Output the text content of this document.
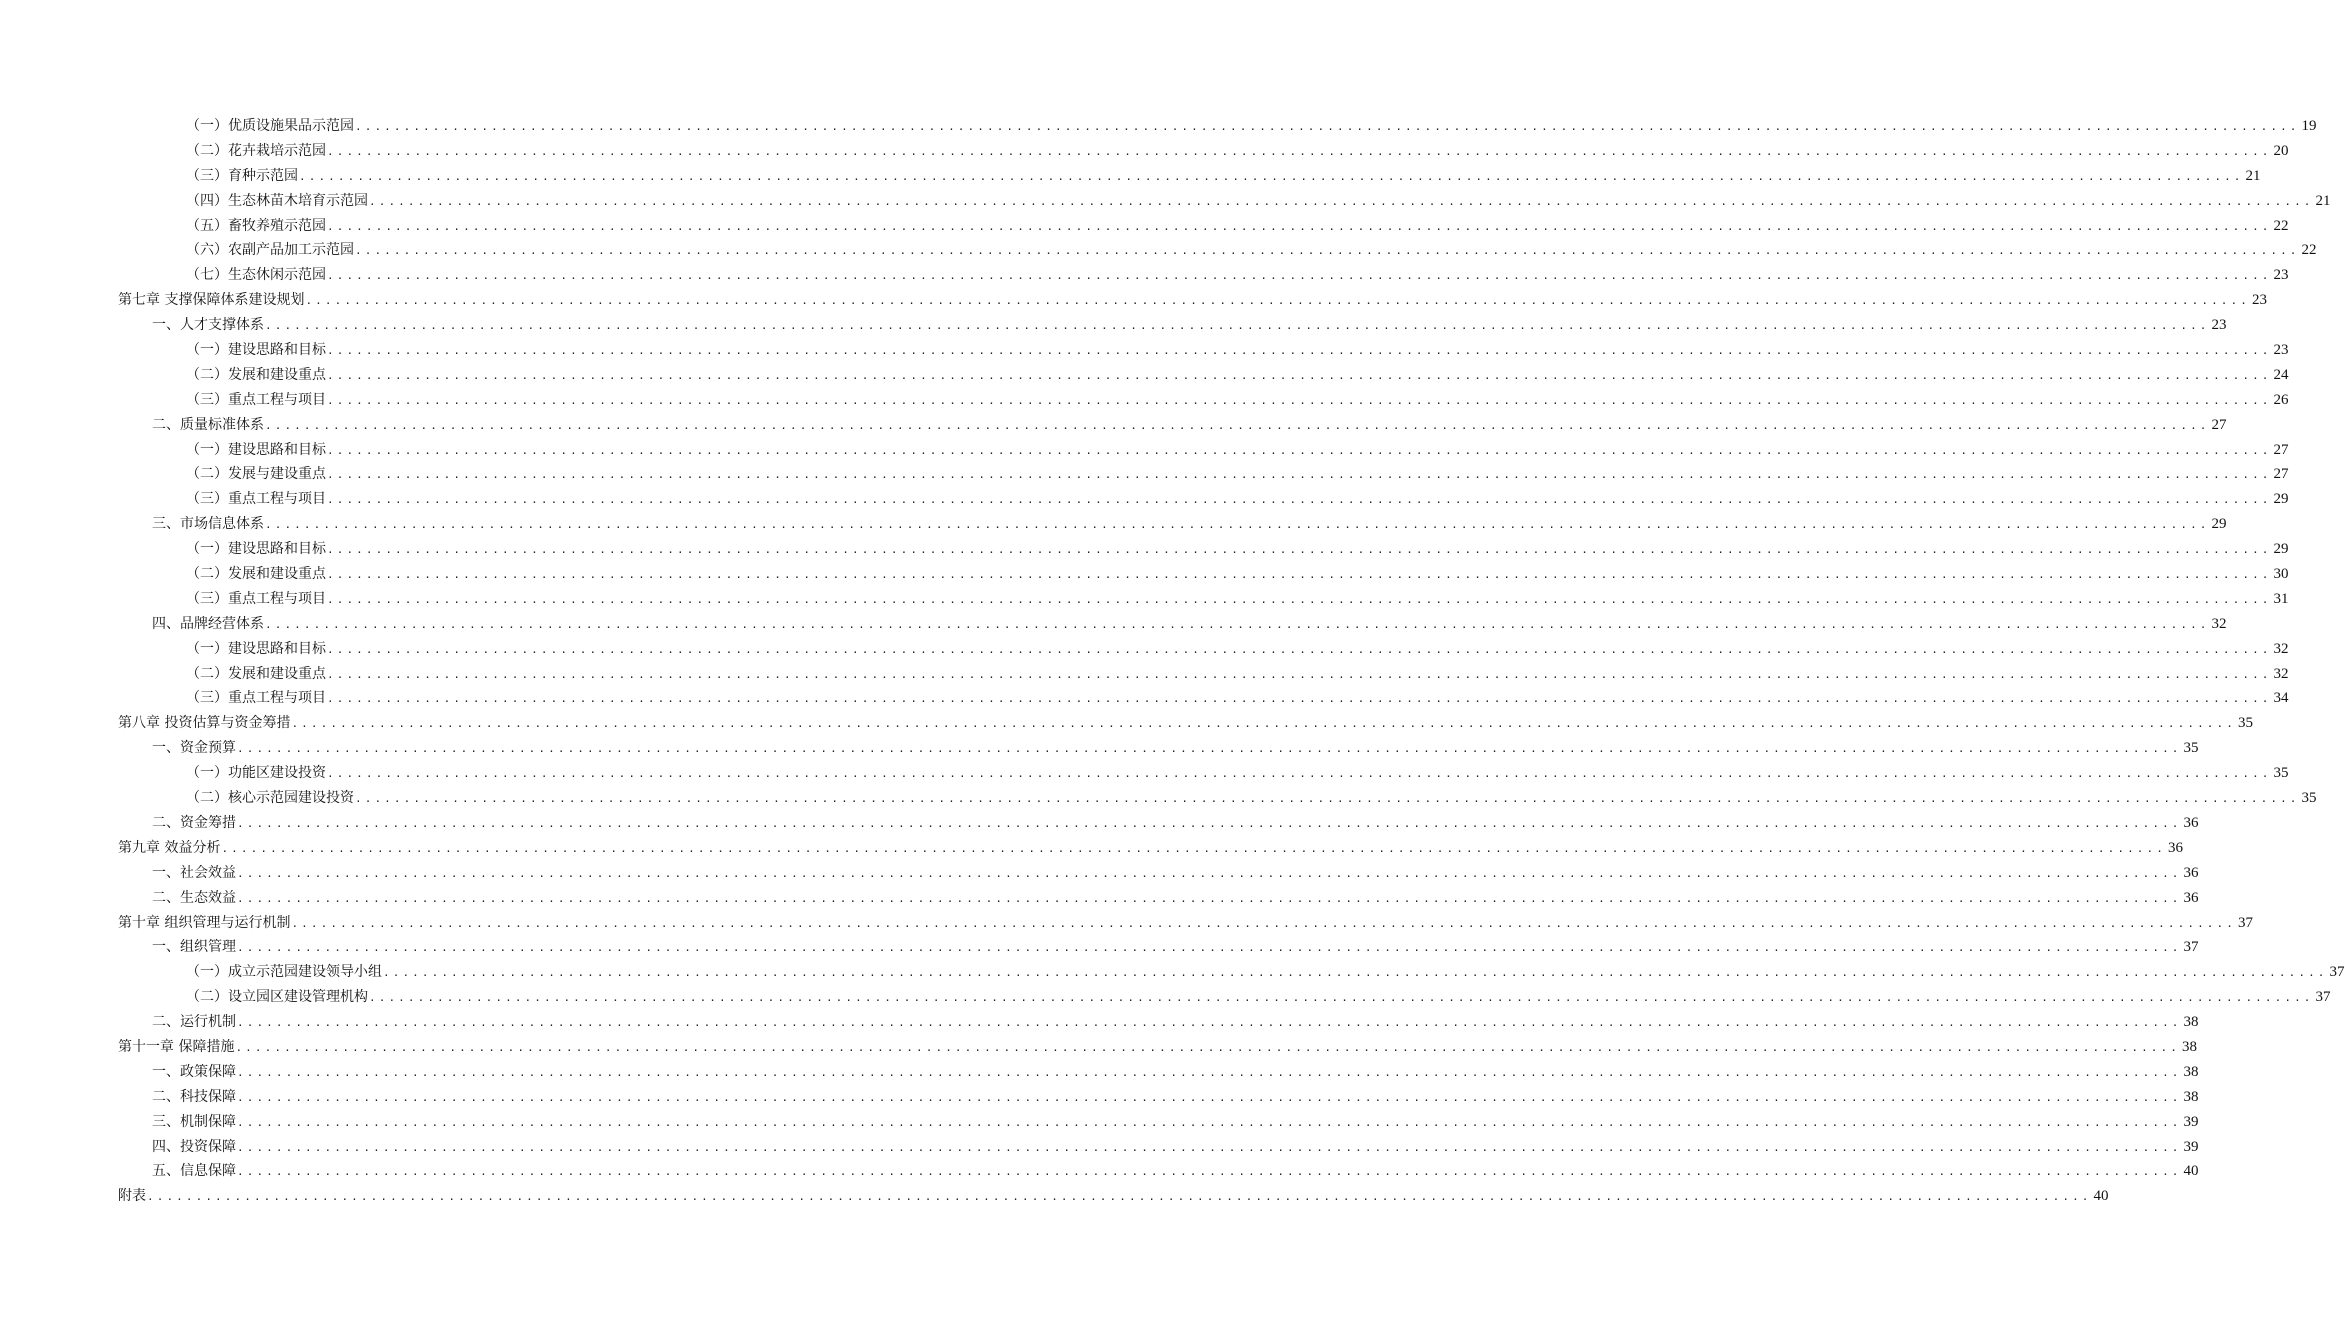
（一）优质设施果品示范园 ........................................................................................................................................................................................................ 19
（二）花卉栽培示范园 ........................................................................................................................................................................................................ 20
（三）育种示范园 ........................................................................................................................................................................................................ 21
（四）生态林苗木培育示范园 ........................................................................................................................................................................................................ 21
（五）畜牧养殖示范园 ........................................................................................................................................................................................................ 22
（六）农副产品加工示范园 ........................................................................................................................................................................................................ 22
（七）生态休闲示范园 ........................................................................................................................................................................................................ 23
第七章 支撑保障体系建设规划 ........................................................................................................................................................................................................ 23
一、人才支撑体系 ........................................................................................................................................................................................................ 23
（一）建设思路和目标 ........................................................................................................................................................................................................ 23
（二）发展和建设重点 ........................................................................................................................................................................................................ 24
（三）重点工程与项目 ........................................................................................................................................................................................................ 26
二、质量标准体系 ........................................................................................................................................................................................................ 27
（一）建设思路和目标 ........................................................................................................................................................................................................ 27
（二）发展与建设重点 ........................................................................................................................................................................................................ 27
（三）重点工程与项目 ........................................................................................................................................................................................................ 29
三、市场信息体系 ........................................................................................................................................................................................................ 29
（一）建设思路和目标 ........................................................................................................................................................................................................ 29
（二）发展和建设重点 ........................................................................................................................................................................................................ 30
（三）重点工程与项目 ........................................................................................................................................................................................................ 31
四、品牌经营体系 ........................................................................................................................................................................................................ 32
（一）建设思路和目标 ........................................................................................................................................................................................................ 32
（二）发展和建设重点 ........................................................................................................................................................................................................ 32
（三）重点工程与项目 ........................................................................................................................................................................................................ 34
第八章 投资估算与资金筹措 ........................................................................................................................................................................................................ 35
一、资金预算 ........................................................................................................................................................................................................ 35
（一）功能区建设投资 ........................................................................................................................................................................................................ 35
（二）核心示范园建设投资 ........................................................................................................................................................................................................ 35
二、资金筹措 ........................................................................................................................................................................................................ 36
第九章 效益分析 ........................................................................................................................................................................................................ 36
一、社会效益 ........................................................................................................................................................................................................ 36
二、生态效益 ........................................................................................................................................................................................................ 36
第十章 组织管理与运行机制 ........................................................................................................................................................................................................ 37
一、组织管理 ........................................................................................................................................................................................................ 37
（一）成立示范园建设领导小组 ........................................................................................................................................................................................................ 37
（二）设立园区建设管理机构 ........................................................................................................................................................................................................ 37
二、运行机制 ........................................................................................................................................................................................................ 38
第十一章 保障措施 ........................................................................................................................................................................................................ 38
一、政策保障 ........................................................................................................................................................................................................ 38
二、科技保障 ........................................................................................................................................................................................................ 38
三、机制保障 ........................................................................................................................................................................................................ 39
四、投资保障 ........................................................................................................................................................................................................ 39
五、信息保障 ........................................................................................................................................................................................................ 40
附表 ........................................................................................................................................................................................................ 40
